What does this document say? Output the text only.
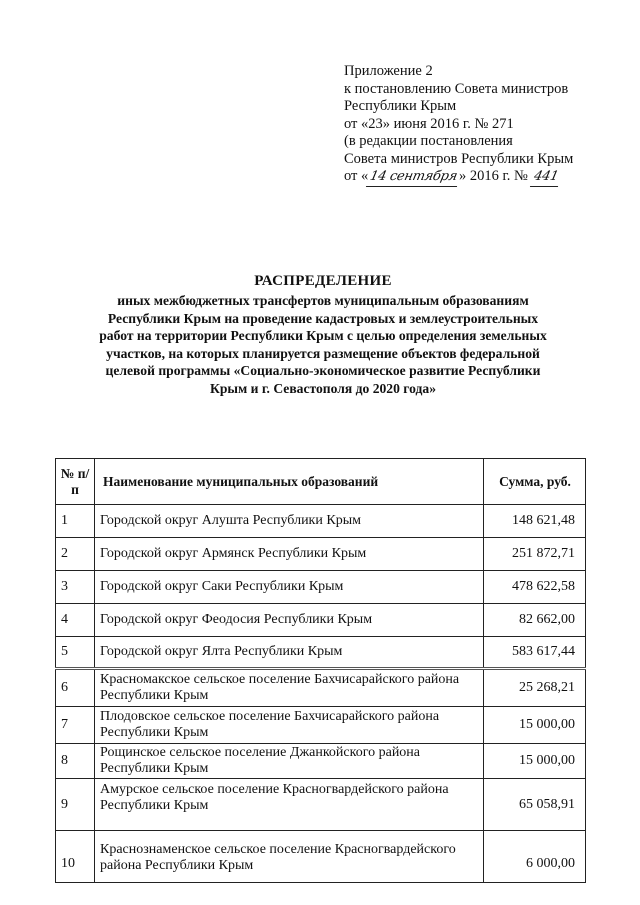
Приложение 2
к постановлению Совета министров
Республики Крым
от «23» июня 2016 г. № 271
(в редакции постановления
Совета министров Республики Крым
от «14 сентября» 2016 г. № 441
РАСПРЕДЕЛЕНИЕ
иных межбюджетных трансфертов муниципальным образованиям
Республики Крым на проведение кадастровых и землеустроительных
работ на территории Республики Крым с целью определения земельных
участков, на которых планируется размещение объектов федеральной
целевой программы «Социально-экономическое развитие Республики
Крым и г. Севастополя до 2020 года»
№ п/п	Наименование муниципальных образований	Сумма, руб.
1	Городской округ Алушта Республики Крым	148 621,48
2	Городской округ Армянск Республики Крым	251 872,71
3	Городской округ Саки Республики Крым	478 622,58
4	Городской округ Феодосия Республики Крым	82 662,00
5	Городской округ Ялта Республики Крым	583 617,44
6	Красномакское сельское поселение Бахчисарайского района Республики Крым	25 268,21
7	Плодовское сельское поселение Бахчисарайского района Республики Крым	15 000,00
8	Рощинское сельское поселение Джанкойского района Республики Крым	15 000,00
9	Амурское сельское поселение Красногвардейского района Республики Крым	65 058,91
10	Краснознаменское сельское поселение Красногвардейского района Республики Крым	6 000,00
